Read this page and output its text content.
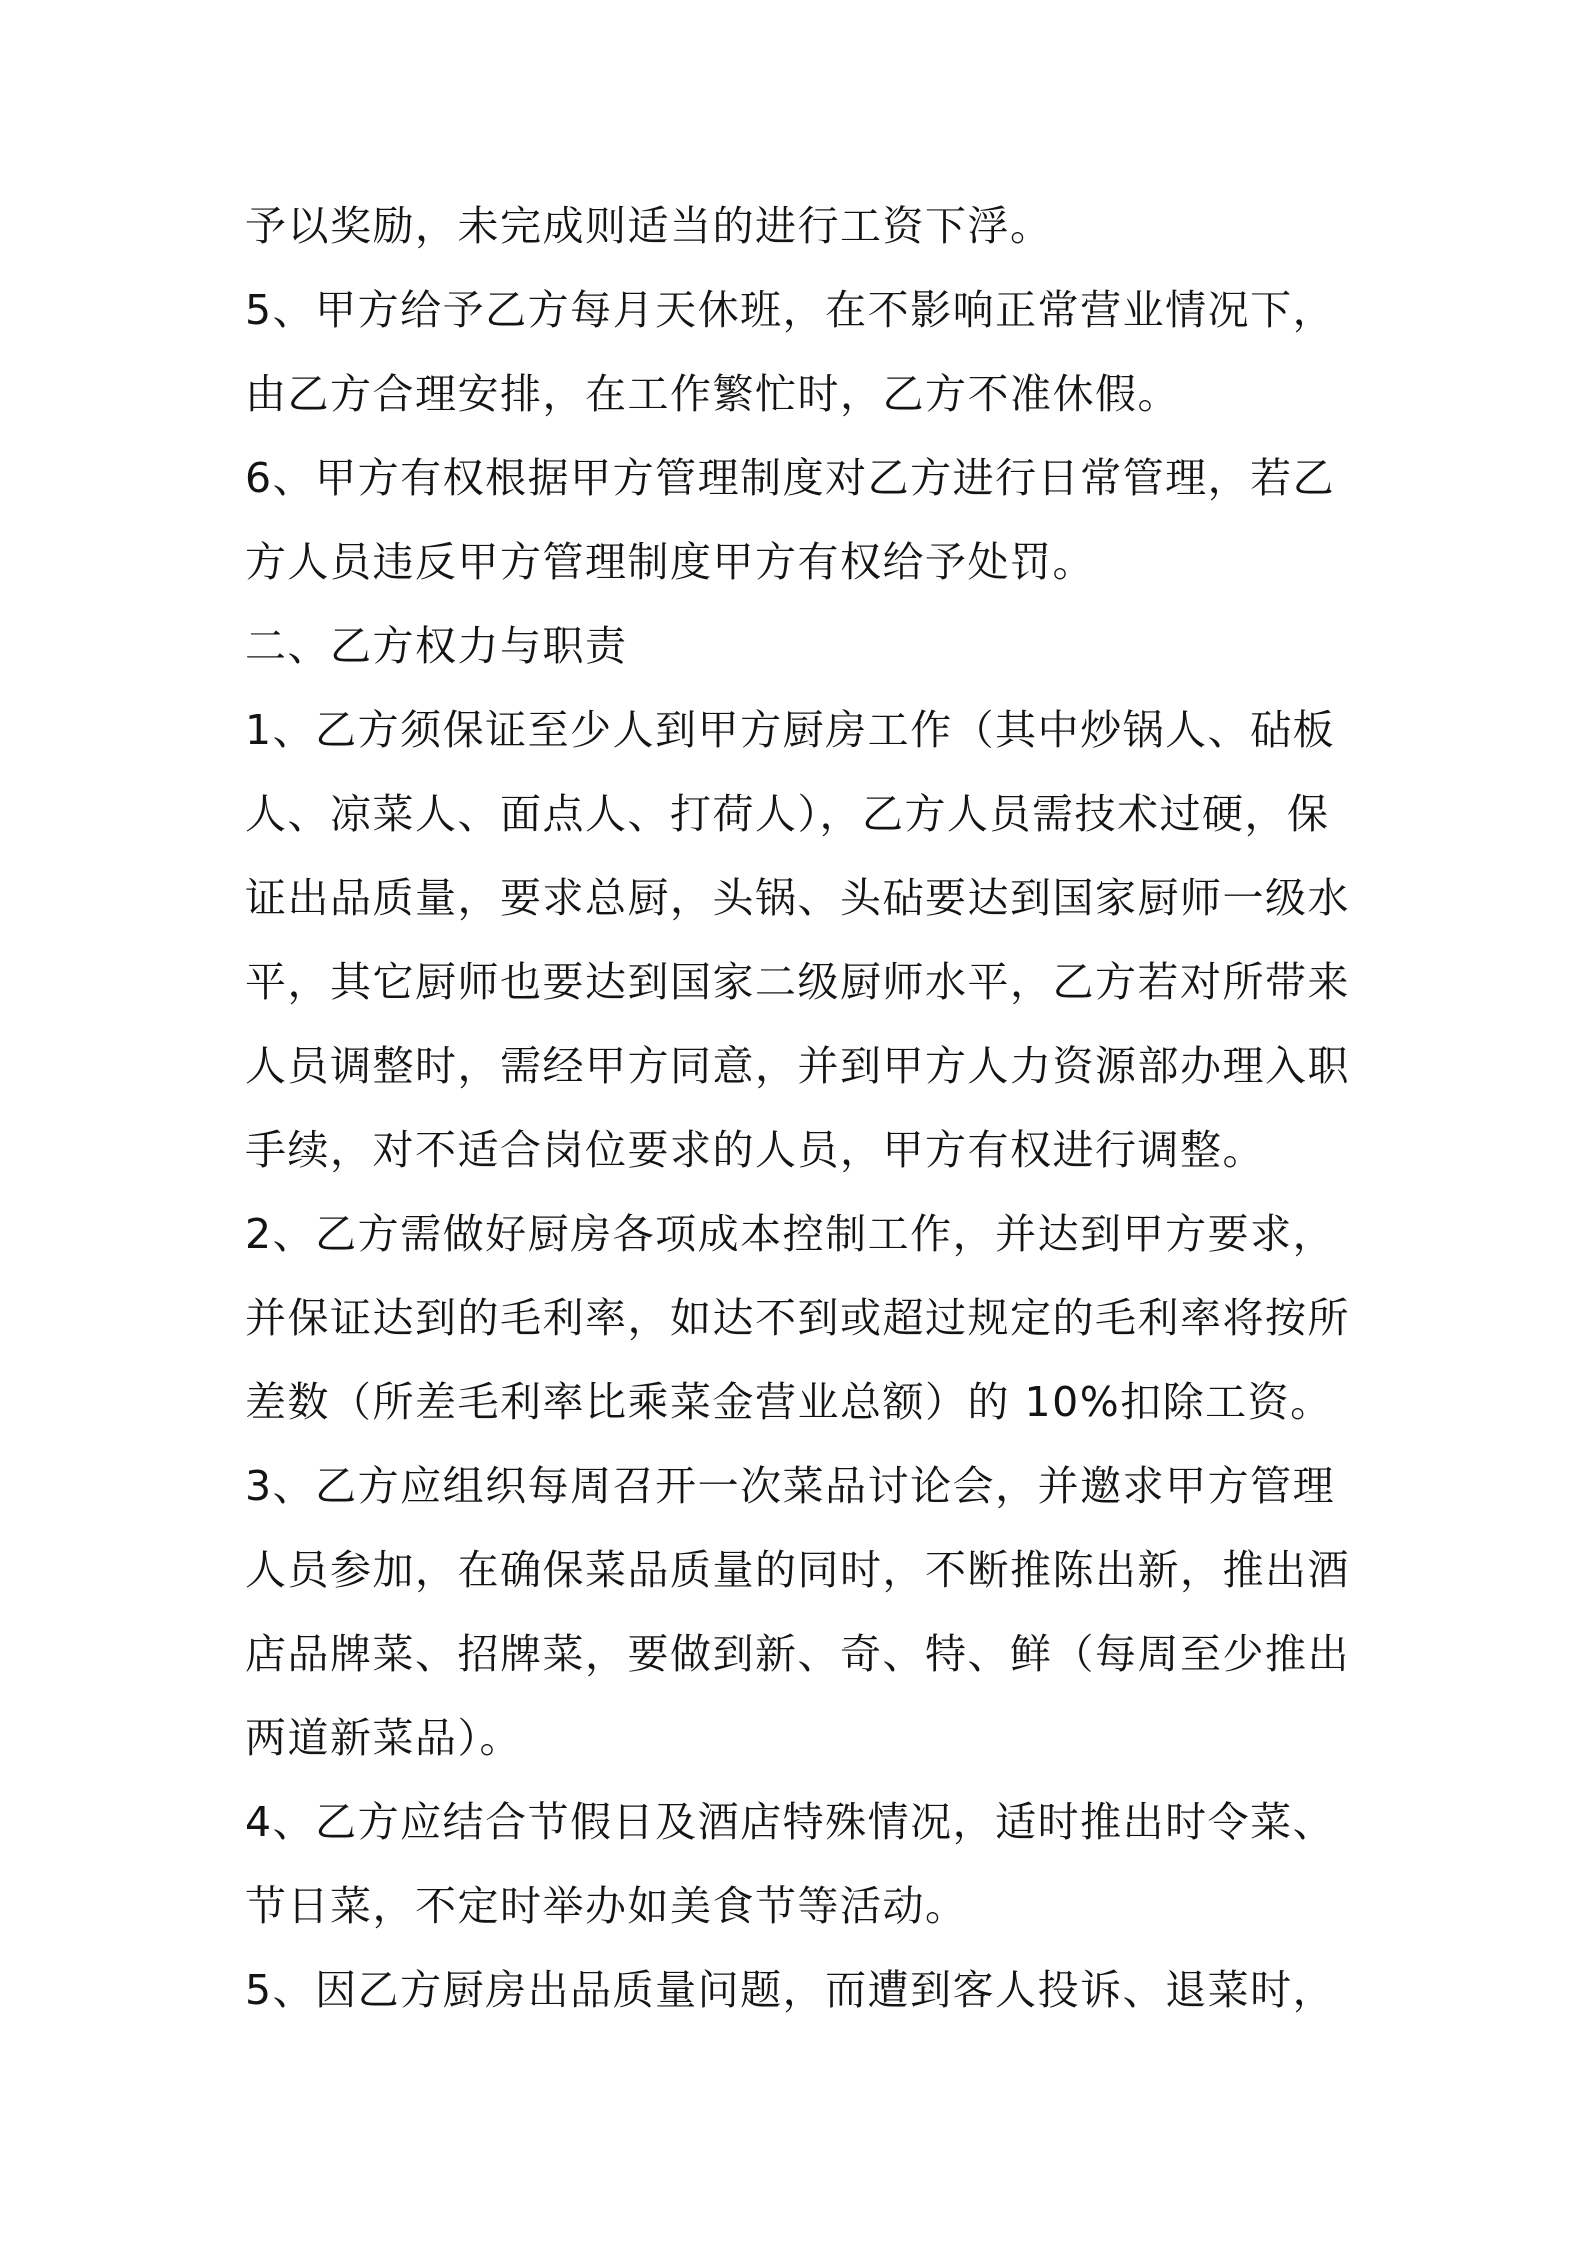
予以奖励，未完成则适当的进行工资下浮。
5、甲方给予乙方每月天休班，在不影响正常营业情况下，
由乙方合理安排，在工作繁忙时，乙方不准休假。
6、甲方有权根据甲方管理制度对乙方进行日常管理，若乙
方人员违反甲方管理制度甲方有权给予处罚。
二、乙方权力与职责
1、乙方须保证至少人到甲方厨房工作（其中炒锅人、砧板
人、凉菜人、面点人、打荷人），乙方人员需技术过硬，保
证出品质量，要求总厨，头锅、头砧要达到国家厨师一级水
平，其它厨师也要达到国家二级厨师水平，乙方若对所带来
人员调整时，需经甲方同意，并到甲方人力资源部办理入职
手续，对不适合岗位要求的人员，甲方有权进行调整。
2、乙方需做好厨房各项成本控制工作，并达到甲方要求，
并保证达到的毛利率，如达不到或超过规定的毛利率将按所
差数（所差毛利率比乘菜金营业总额）的 10%扣除工资。
3、乙方应组织每周召开一次菜品讨论会，并邀求甲方管理
人员参加，在确保菜品质量的同时，不断推陈出新，推出酒
店品牌菜、招牌菜，要做到新、奇、特、鲜（每周至少推出
两道新菜品）。
4、乙方应结合节假日及酒店特殊情况，适时推出时令菜、
节日菜，不定时举办如美食节等活动。
5、因乙方厨房出品质量问题，而遭到客人投诉、退菜时，
